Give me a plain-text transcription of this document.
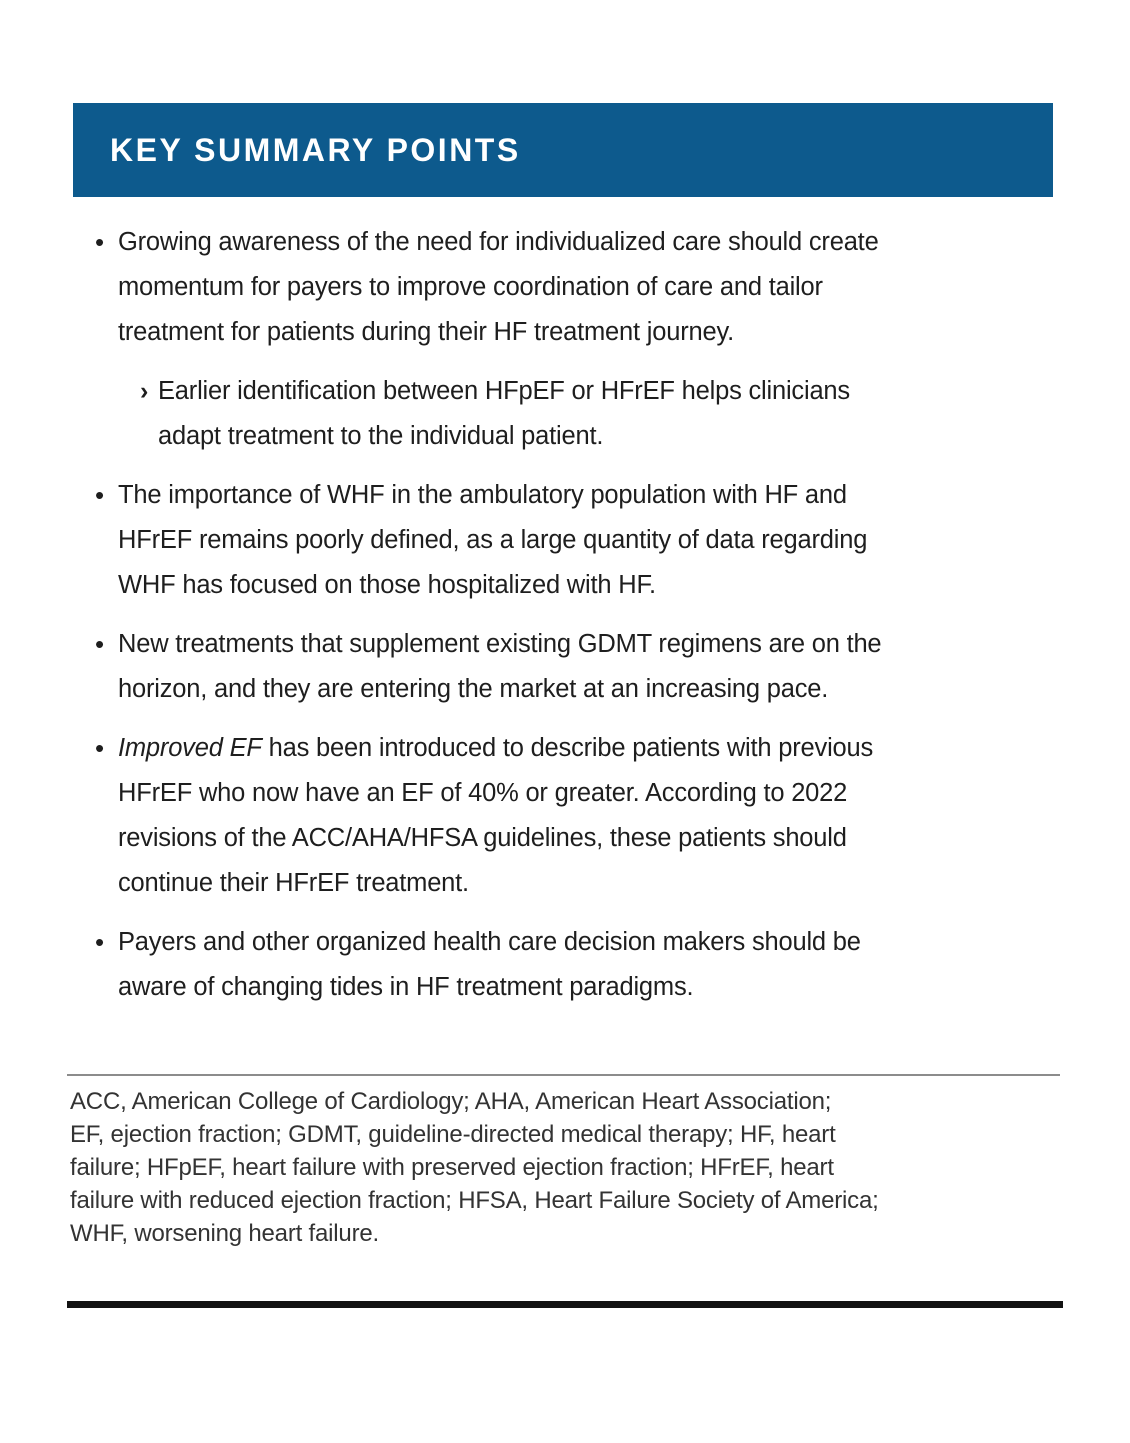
KEY SUMMARY POINTS
• Growing awareness of the need for individualized care should create
momentum for payers to improve coordination of care and tailor
treatment for patients during their HF treatment journey.
› Earlier identification between HFpEF or HFrEF helps clinicians
adapt treatment to the individual patient.
• The importance of WHF in the ambulatory population with HF and
HFrEF remains poorly defined, as a large quantity of data regarding
WHF has focused on those hospitalized with HF.
• New treatments that supplement existing GDMT regimens are on the
horizon, and they are entering the market at an increasing pace.
• Improved EF has been introduced to describe patients with previous
HFrEF who now have an EF of 40% or greater. According to 2022
revisions of the ACC/AHA/HFSA guidelines, these patients should
continue their HFrEF treatment.
• Payers and other organized health care decision makers should be
aware of changing tides in HF treatment paradigms.
ACC, American College of Cardiology; AHA, American Heart Association;
EF, ejection fraction; GDMT, guideline-directed medical therapy; HF, heart
failure; HFpEF, heart failure with preserved ejection fraction; HFrEF, heart
failure with reduced ejection fraction; HFSA, Heart Failure Society of America;
WHF, worsening heart failure.
